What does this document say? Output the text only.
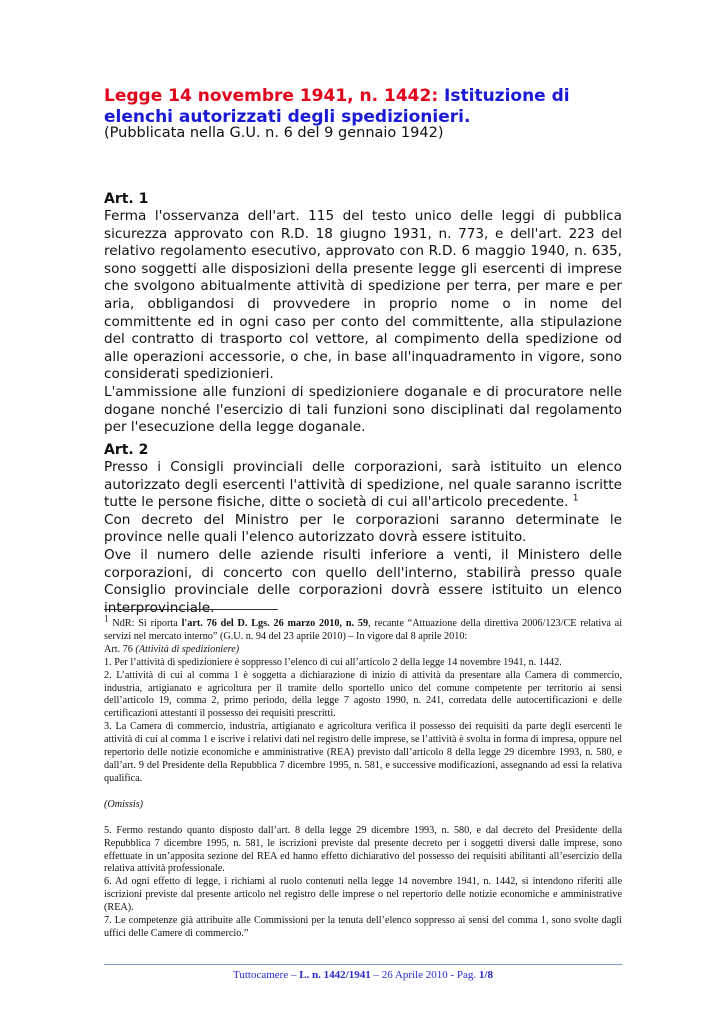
Legge 14 novembre 1941, n. 1442: Istituzione di elenchi autorizzati degli spedizionieri.
(Pubblicata nella G.U. n. 6 del 9 gennaio 1942)
Art. 1

Ferma l'osservanza dell'art. 115 del testo unico delle leggi di pubblica sicurezza approvato con R.D. 18 giugno 1931, n. 773, e dell'art. 223 del relativo regolamento esecutivo, approvato con R.D. 6 maggio 1940, n. 635, sono soggetti alle disposizioni della presente legge gli esercenti di imprese che svolgono abitualmente attività di spedizione per terra, per mare e per aria, obbligandosi di provvedere in proprio nome o in nome del committente ed in ogni caso per conto del committente, alla stipulazione del contratto di trasporto col vettore, al compimento della spedizione od alle operazioni accessorie, o che, in base all'inquadramento in vigore, sono considerati spedizionieri.

L'ammissione alle funzioni di spedizioniere doganale e di procuratore nelle dogane nonché l'esercizio di tali funzioni sono disciplinati dal regolamento per l'esecuzione della legge doganale.

Art. 2

Presso i Consigli provinciali delle corporazioni, sarà istituito un elenco autorizzato degli esercenti l'attività di spedizione, nel quale saranno iscritte tutte le persone fisiche, ditte o società di cui all'articolo precedente. $^1$

Con decreto del Ministro per le corporazioni saranno determinate le province nelle quali l'elenco autorizzato dovrà essere istituito.

Ove il numero delle aziende risulti inferiore a venti, il Ministero delle corporazioni, di concerto con quello dell'interno, stabilirà presso quale Consiglio provinciale delle corporazioni dovrà essere istituito un elenco interprovinciale.

1 NdR: Si riporta l'art. 76 del D. Lgs. 26 marzo 2010, n. 59, recante “Attuazione della direttiva 2006/123/CE relativa ai servizi nel mercato interno” (G.U. n. 94 del 23 aprile 2010) – In vigore dal 8 aprile 2010:

Art. 76 (Attività di spedizioniere)

1. Per l’attività di spedizioniere è soppresso l’elenco di cui all’articolo 2 della legge 14 novembre 1941, n. 1442.

2. L’attività di cui al comma 1 è soggetta a dichiarazione di inizio di attività da presentare alla Camera di commercio, industria, artigianato e agricoltura per il tramite dello sportello unico del comune competente per territorio ai sensi dell’articolo 19, comma 2, primo periodo, della legge 7 agosto 1990, n. 241, corredata delle autocertificazioni e delle certificazioni attestanti il possesso dei requisiti prescritti.

3. La Camera di commercio, industria, artigianato e agricoltura verifica il possesso dei requisiti da parte degli esercenti le attività di cui al comma 1 e iscrive i relativi dati nel registro delle imprese, se l’attività è svolta in forma di impresa, oppure nel repertorio delle notizie economiche e amministrative (REA) previsto dall’articolo 8 della legge 29 dicembre 1993, n. 580, e dall’art. 9 del Presidente della Repubblica 7 dicembre 1995, n. 581, e successive modificazioni, assegnando ad essi la relativa qualifica.

(Omissis)

5. Fermo restando quanto disposto dall’art. 8 della legge 29 dicembre 1993, n. 580, e dal decreto del Presidente della Repubblica 7 dicembre 1995, n. 581, le iscrizioni previste dal presente decreto per i soggetti diversi dalle imprese, sono effettuate in un’apposita sezione del REA ed hanno effetto dichiarativo del possesso dei requisiti abilitanti all’esercizio della relativa attività professionale.

6. Ad ogni effetto di legge, i richiami al ruolo contenuti nella legge 14 novembre 1941, n. 1442, si intendono riferiti alle iscrizioni previste dal presente articolo nel registro delle imprese o nel repertorio delle notizie economiche e amministrative (REA).

7. Le competenze già attribuite alle Commissioni per la tenuta dell’elenco soppresso ai sensi del comma 1, sono svolte dagli uffici delle Camere di commercio.”

Tuttocamere – L. n. 1442/1941 – 26 Aprile 2010 - Pag. 1/8
